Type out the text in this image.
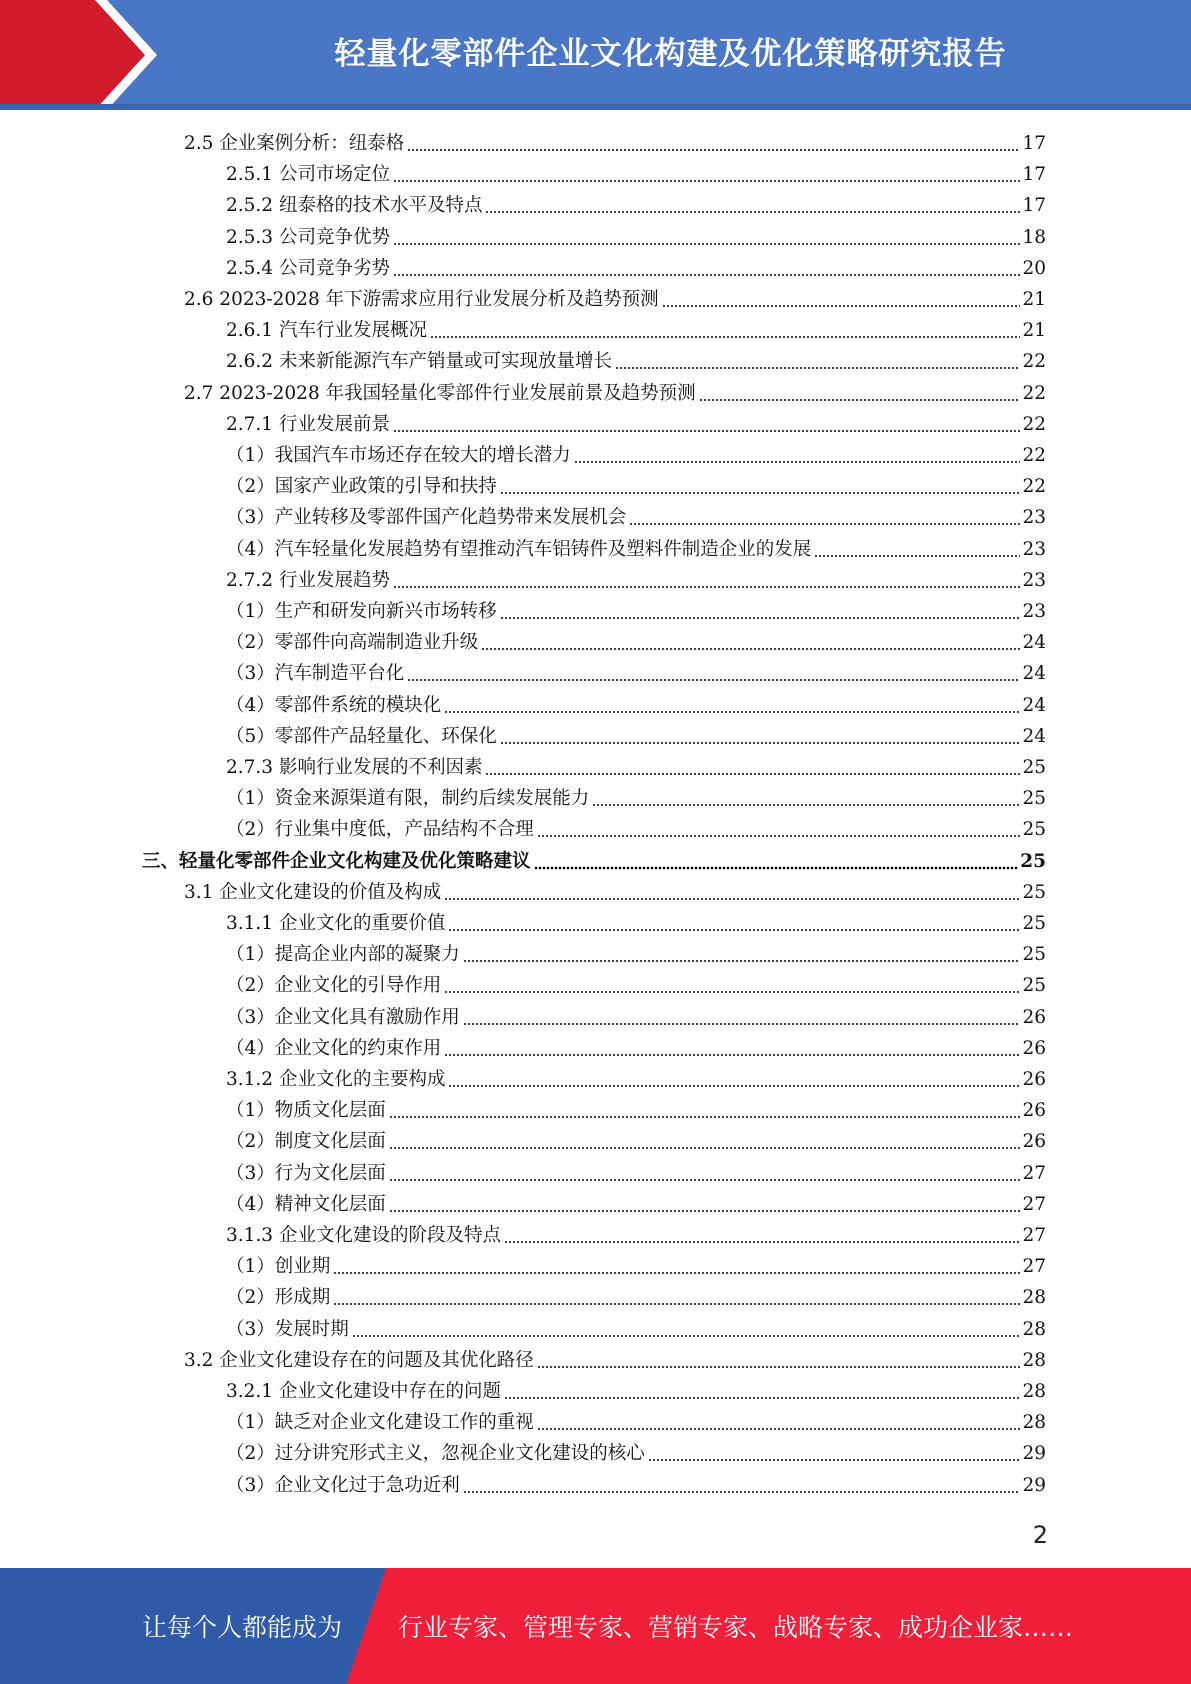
轻量化零部件企业文化构建及优化策略研究报告
2.5 企业案例分析：纽泰格	17
2.5.1 公司市场定位	17
2.5.2 纽泰格的技术水平及特点	17
2.5.3 公司竞争优势	18
2.5.4 公司竞争劣势	20
2.6 2023-2028 年下游需求应用行业发展分析及趋势预测	21
2.6.1 汽车行业发展概况	21
2.6.2 未来新能源汽车产销量或可实现放量增长	22
2.7 2023-2028 年我国轻量化零部件行业发展前景及趋势预测	22
2.7.1 行业发展前景	22
（1）我国汽车市场还存在较大的增长潜力	22
（2）国家产业政策的引导和扶持	22
（3）产业转移及零部件国产化趋势带来发展机会	23
（4）汽车轻量化发展趋势有望推动汽车铝铸件及塑料件制造企业的发展	23
2.7.2 行业发展趋势	23
（1）生产和研发向新兴市场转移	23
（2）零部件向高端制造业升级	24
（3）汽车制造平台化	24
（4）零部件系统的模块化	24
（5）零部件产品轻量化、环保化	24
2.7.3 影响行业发展的不利因素	25
（1）资金来源渠道有限，制约后续发展能力	25
（2）行业集中度低，产品结构不合理	25
三、轻量化零部件企业文化构建及优化策略建议	25
3.1 企业文化建设的价值及构成	25
3.1.1 企业文化的重要价值	25
（1）提高企业内部的凝聚力	25
（2）企业文化的引导作用	25
（3）企业文化具有激励作用	26
（4）企业文化的约束作用	26
3.1.2 企业文化的主要构成	26
（1）物质文化层面	26
（2）制度文化层面	26
（3）行为文化层面	27
（4）精神文化层面	27
3.1.3 企业文化建设的阶段及特点	27
（1）创业期	27
（2）形成期	28
（3）发展时期	28
3.2 企业文化建设存在的问题及其优化路径	28
3.2.1 企业文化建设中存在的问题	28
（1）缺乏对企业文化建设工作的重视	28
（2）过分讲究形式主义，忽视企业文化建设的核心	29
（3）企业文化过于急功近利	29
2
让每个人都能成为 行业专家、管理专家、营销专家、战略专家、成功企业家……
